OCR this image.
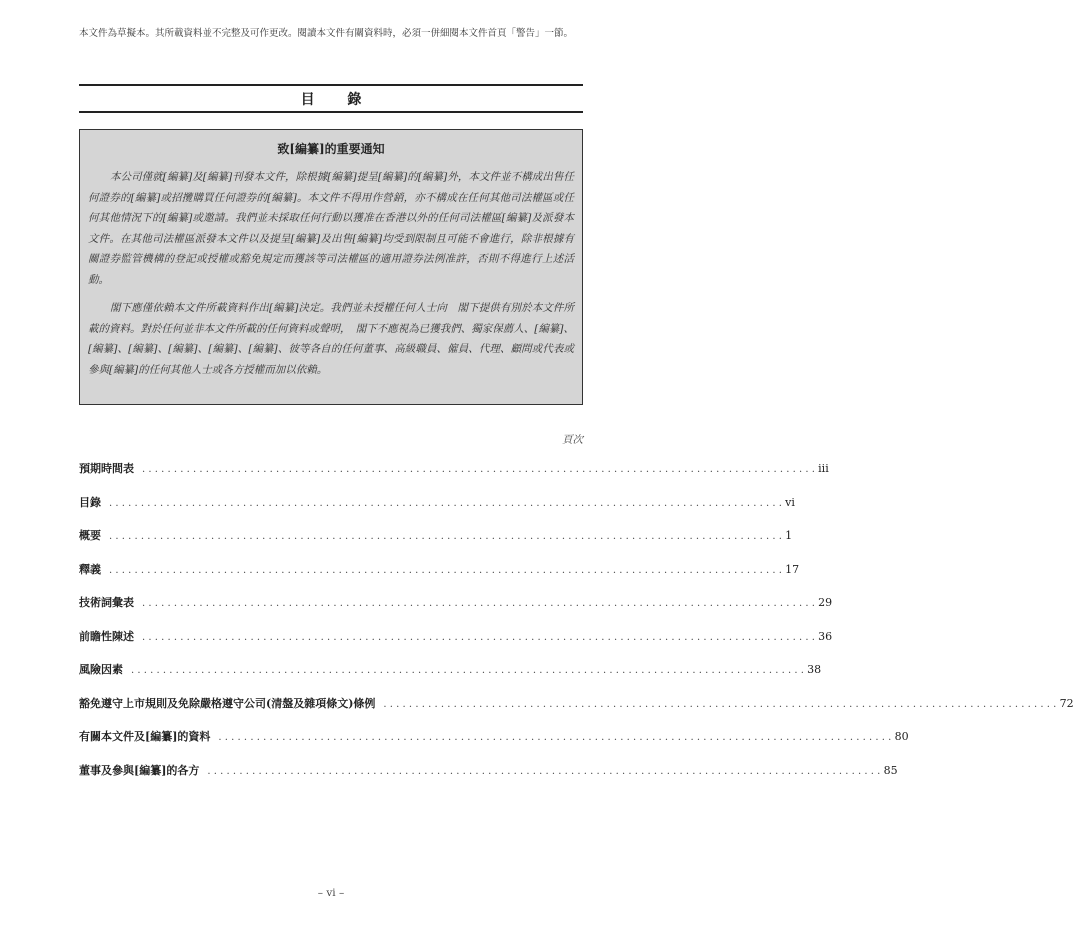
本文件為草擬本。其所載資料並不完整及可作更改。閱讀本文件有關資料時，必須一併細閱本文件首頁「警告」一節。
目 錄
致[編纂]的重要通知

本公司僅就[編纂]及[編纂]刊發本文件，除根據[編纂]提呈[編纂]的[編纂]外，本文件並不構成出售任何證券的[編纂]或招攬購買任何證券的[編纂]。本文件不得用作營銷，亦不構成在任何其他司法權區或任何其他情況下的[編纂]或邀請。我們並未採取任何行動以獲准在香港以外的任何司法權區[編纂]及派發本文件。在其他司法權區派發本文件以及提呈[編纂]及出售[編纂]均受到限制且可能不會進行，除非根據有關證券監管機構的登記或授權或豁免規定而獲該等司法權區的適用證券法例准許，否則不得進行上述活動。

閣下應僅依賴本文件所載資料作出[編纂]決定。我們並未授權任何人士向　閣下提供有別於本文件所載的資料。對於任何並非本文件所載的任何資料或聲明，　閣下不應視為已獲我們、獨家保薦人、[編纂]、[編纂]、[編纂]、[編纂]、[編纂]、[編纂]、彼等各自的任何董事、高級職員、僱員、代理、顧問或代表或參與[編纂]的任何其他人士或各方授權而加以依賴。

頁次
預期時間表 .......................................................................................................... iii
目錄 .......................................................................................................... vi
概要 .......................................................................................................... 1
釋義 .......................................................................................................... 17
技術詞彙表 .......................................................................................................... 29
前瞻性陳述 .......................................................................................................... 36
風險因素 .......................................................................................................... 38
豁免遵守上市規則及免除嚴格遵守公司(清盤及雜項條文)條例 .......................................................................................................... 72
有關本文件及[編纂]的資料 .......................................................................................................... 80
董事及參與[編纂]的各方 .......................................................................................................... 85
– vi –
